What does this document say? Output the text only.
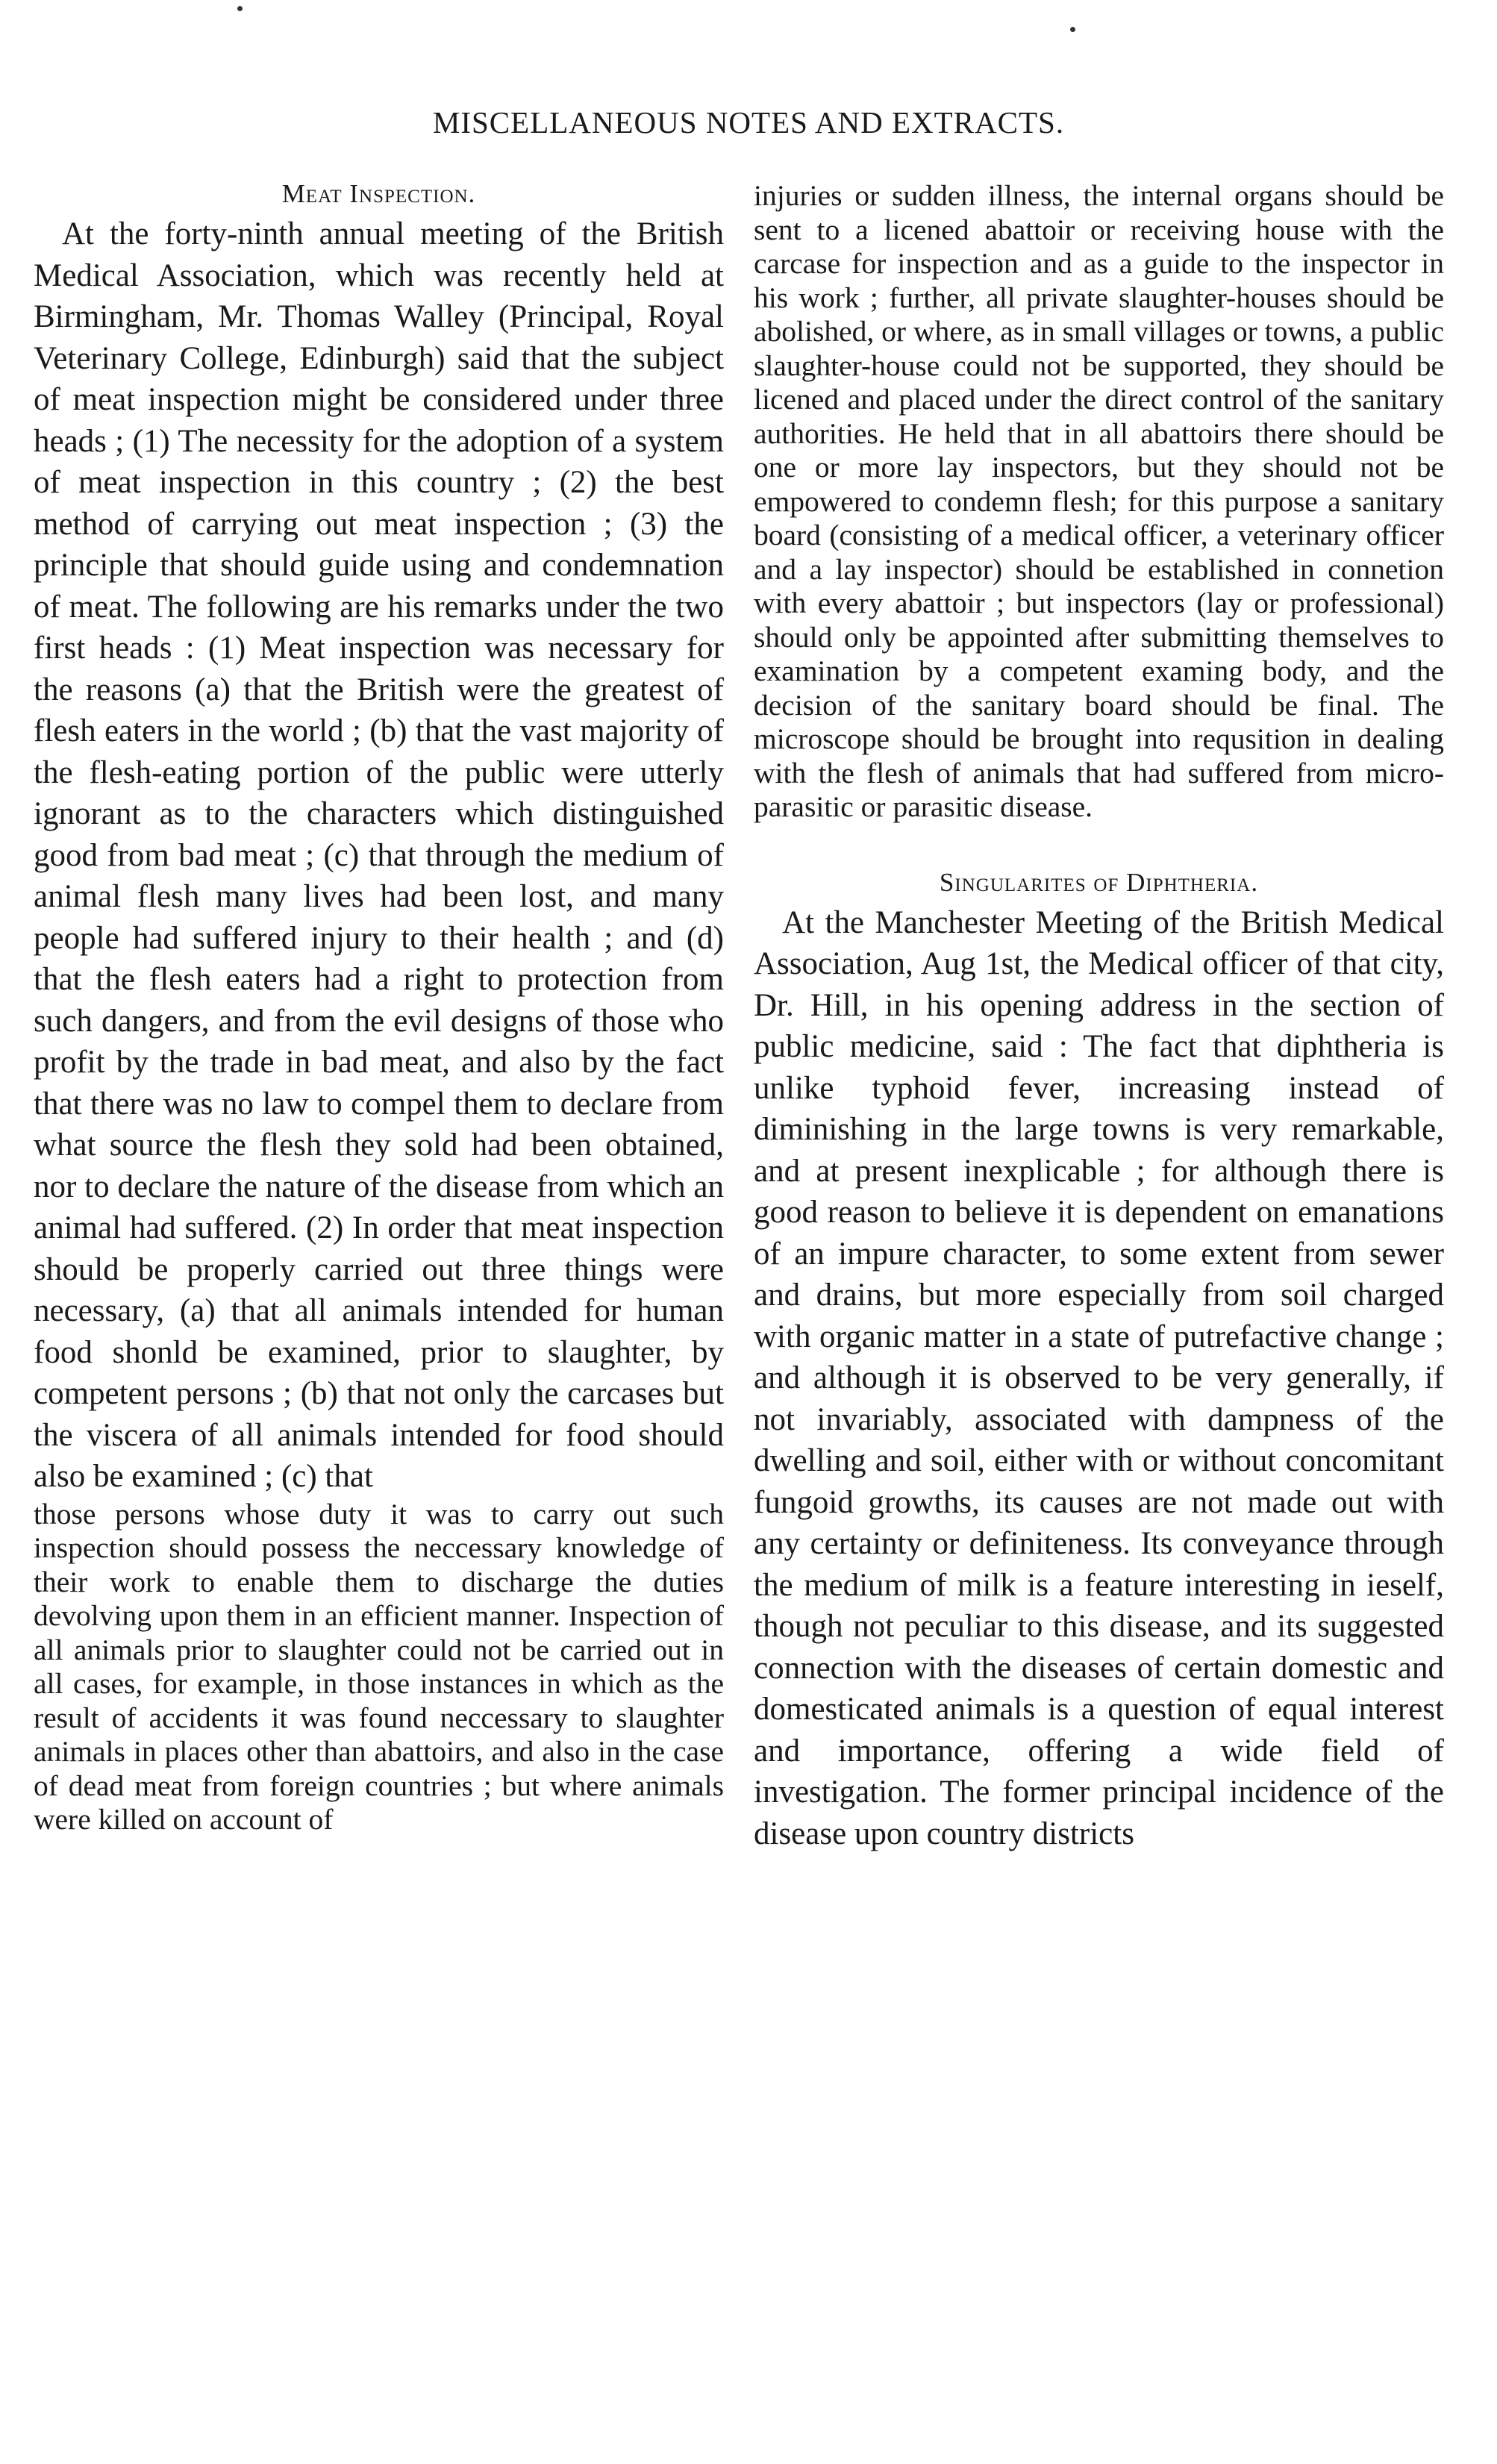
MISCELLANEOUS NOTES AND EXTRACTS.
Meat Inspection.

At the forty-ninth annual meeting of the British Medical Association, which was recently held at Birmingham, Mr. Thomas Walley (Principal, Royal Veterinary College, Edinburgh) said that the subject of meat inspection might be considered under three heads ; (1) The necessity for the adoption of a system of meat inspection in this country ; (2) the best method of carrying out meat inspection ; (3) the principle that should guide using and condemnation of meat. The following are his remarks under the two first heads : (1) Meat inspection was necessary for the reasons (a) that the British were the greatest of flesh eaters in the world ; (b) that the vast majority of the flesh-eating portion of the public were utterly ignorant as to the characters which distinguished good from bad meat ; (c) that through the medium of animal flesh many lives had been lost, and many people had suffered injury to their health ; and (d) that the flesh eaters had a right to protection from such dangers, and from the evil designs of those who profit by the trade in bad meat, and also by the fact that there was no law to compel them to declare from what source the flesh they sold had been obtained, nor to declare the nature of the disease from which an animal had suffered. (2) In order that meat inspection should be properly carried out three things were necessary, (a) that all animals intended for human food shonld be examined, prior to slaughter, by competent persons ; (b) that not only the carcases but the viscera of all animals intended for food should also be examined ; (c) that

those persons whose duty it was to carry out such inspection should possess the neccessary knowledge of their work to enable them to discharge the duties devolving upon them in an efficient manner. Inspection of all animals prior to slaughter could not be carried out in all cases, for example, in those instances in which as the result of accidents it was found neccessary to slaughter animals in places other than abattoirs, and also in the case of dead meat from foreign countries ; but where animals were killed on account of

injuries or sudden illness, the internal organs should be sent to a licened abattoir or receiving house with the carcase for inspection and as a guide to the inspector in his work ; further, all private slaughter-houses should be abolished, or where, as in small villages or towns, a public slaughter-house could not be supported, they should be licened and placed under the direct control of the sanitary authorities. He held that in all abattoirs there should be one or more lay inspectors, but they should not be empowered to condemn flesh; for this purpose a sanitary board (consisting of a medical officer, a veterinary officer and a lay inspector) should be established in connetion with every abattoir ; but inspectors (lay or professional) should only be appointed after submitting themselves to examination by a competent examing body, and the decision of the sanitary board should be final. The microscope should be brought into requsition in dealing with the flesh of animals that had suffered from micro-parasitic or parasitic disease.

Singularites of Diphtheria.

At the Manchester Meeting of the British Medical Association, Aug 1st, the Medical officer of that city, Dr. Hill, in his opening address in the section of public medicine, said : The fact that diphtheria is unlike typhoid fever, increasing instead of diminishing in the large towns is very remarkable, and at present inexplicable ; for although there is good reason to believe it is dependent on emanations of an impure character, to some extent from sewer and drains, but more especially from soil charged with organic matter in a state of putrefactive change ; and although it is observed to be very generally, if not invariably, associated with dampness of the dwelling and soil, either with or without concomitant fungoid growths, its causes are not made out with any certainty or definiteness. Its conveyance through the medium of milk is a feature interesting in ieself, though not peculiar to this disease, and its suggested connection with the diseases of certain domestic and domesticated animals is a question of equal interest and importance, offering a wide field of investigation. The former principal incidence of the disease upon country districts
